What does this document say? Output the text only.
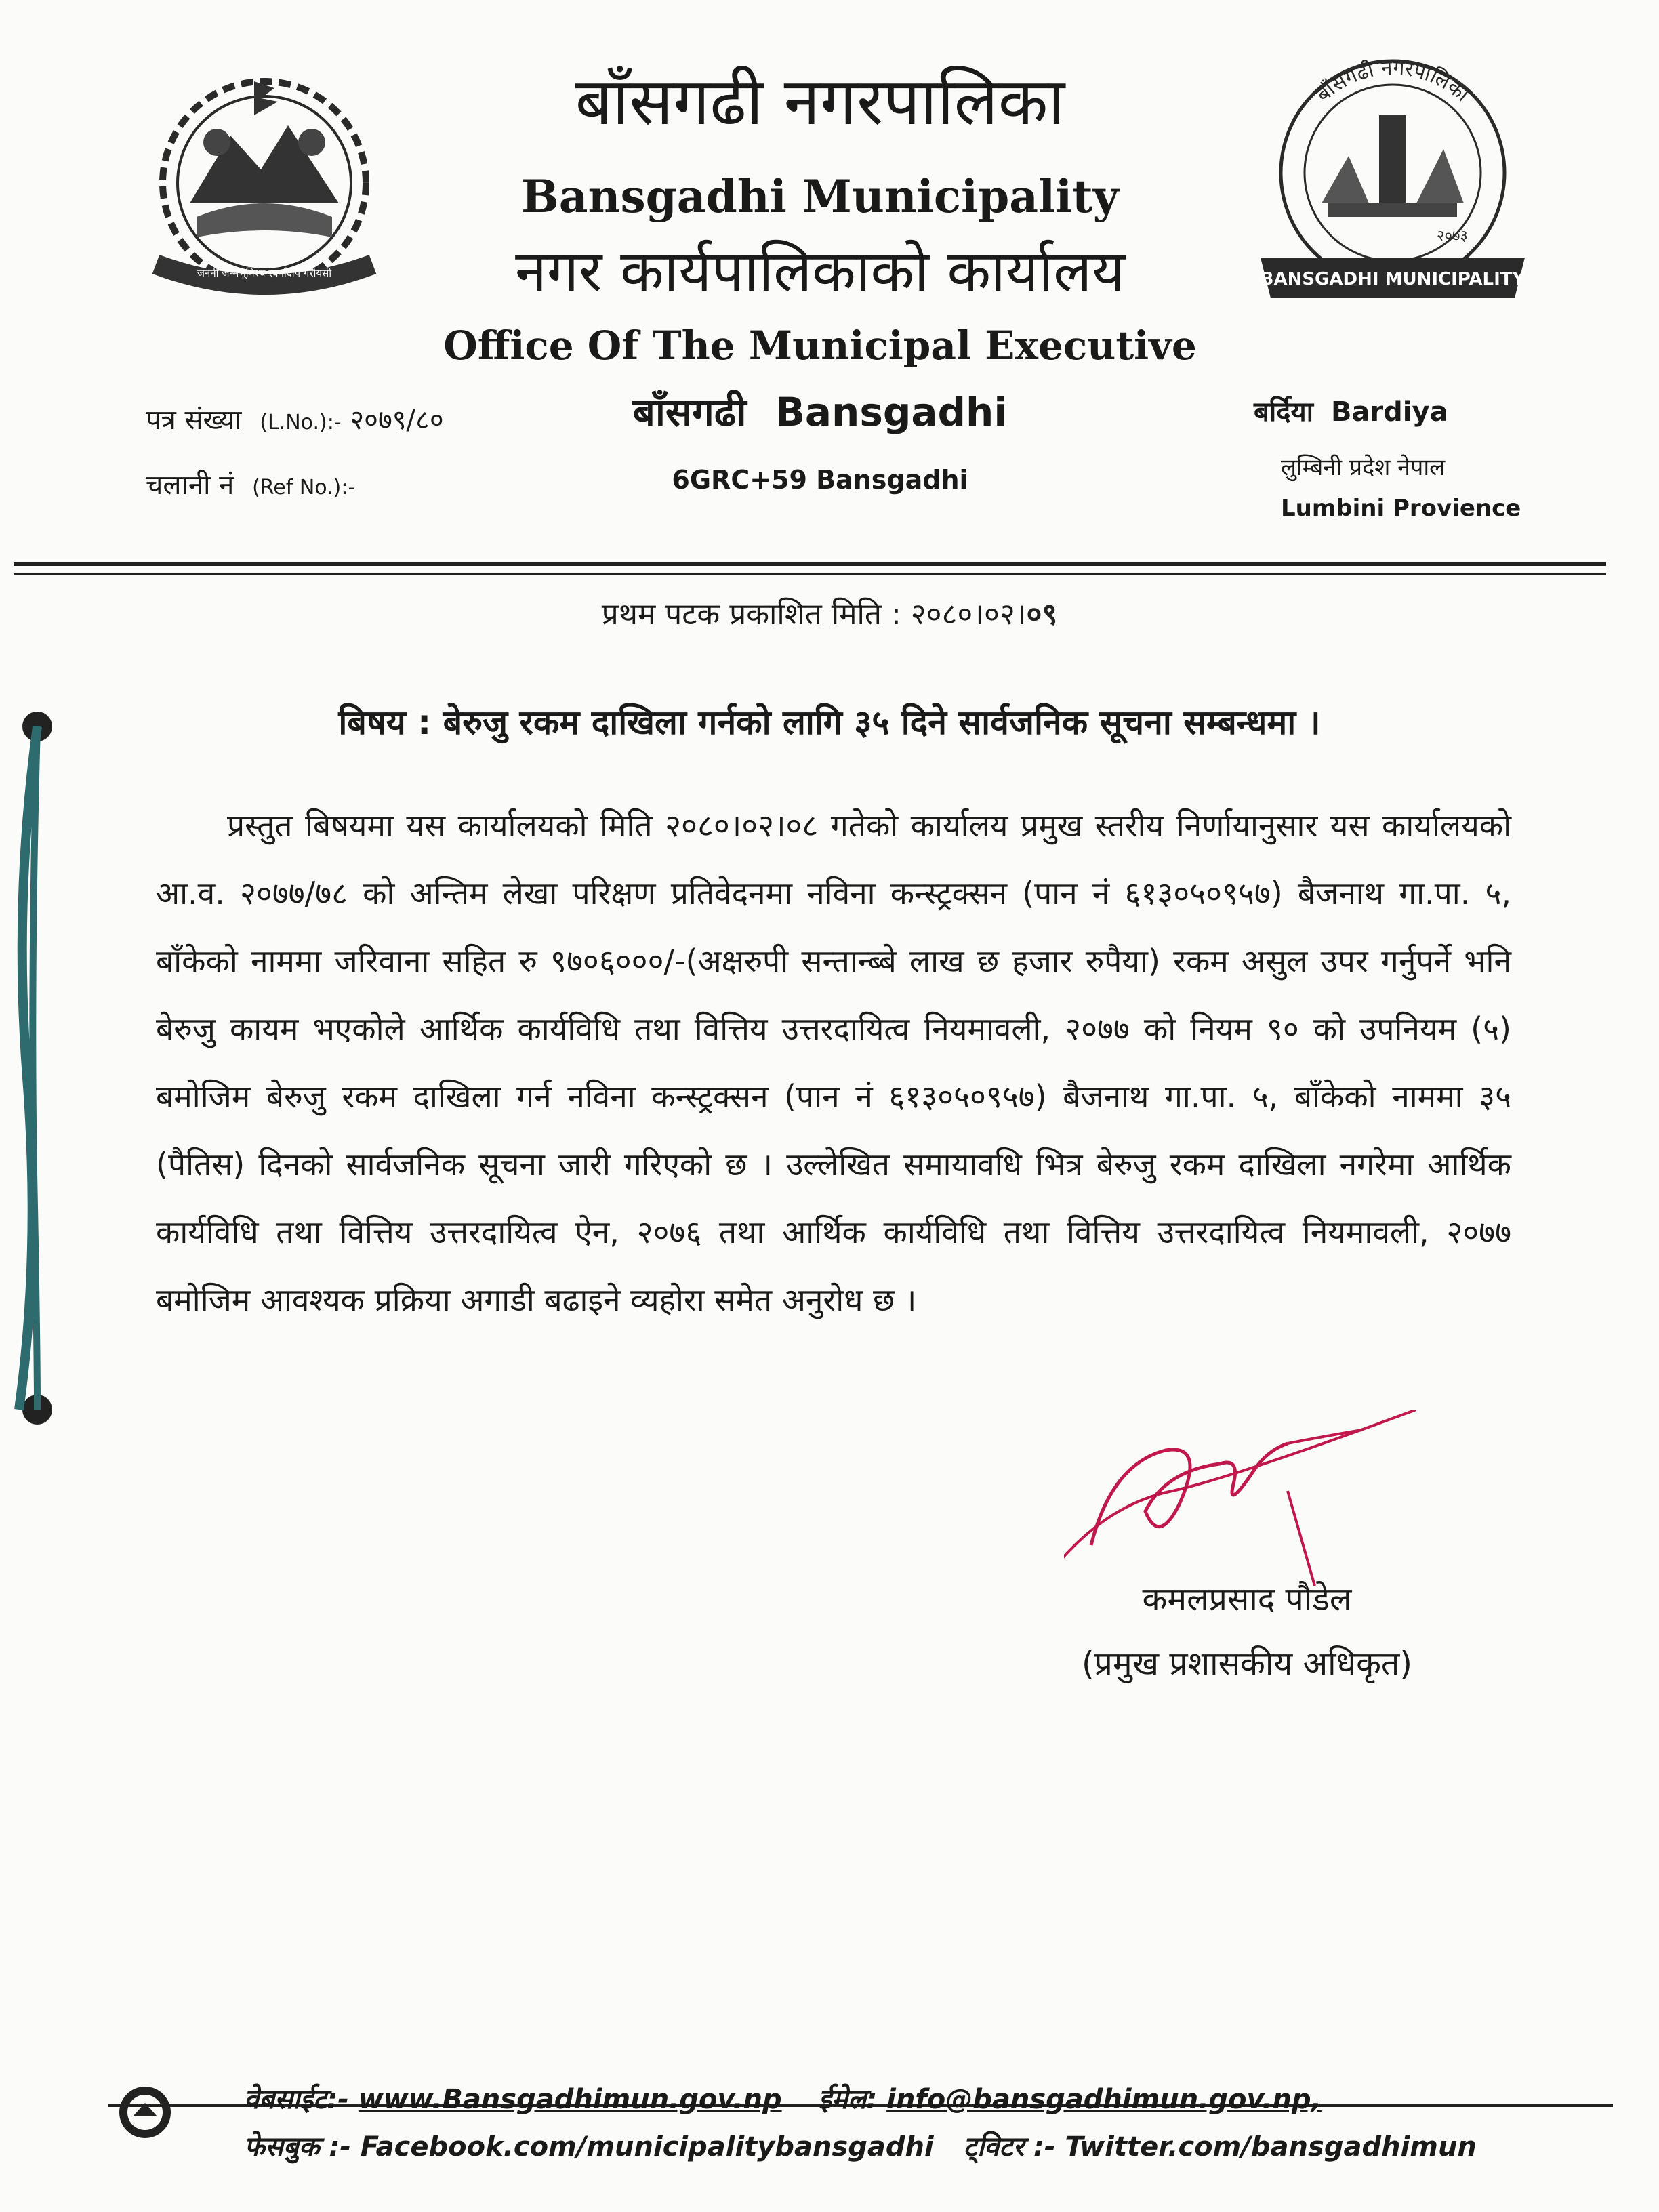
जननी जन्मभूमिश्च स्वर्गादपि गरीयसी
बाँसगढी नगरपालिका
२०७३
BANSGADHI MUNICIPALITY
बाँसगढी नगरपालिका
Bansgadhi Municipality
नगर कार्यपालिकाको कार्यालय
Office Of The Municipal Executive
बाँसगढी Bansgadhi
6GRC+59 Bansgadhi
पत्र संख्या (L.No.):- २०७९/८०
चलानी नं (Ref No.):-
बर्दिया Bardiya
लुम्बिनी प्रदेश नेपाल
Lumbini Provience
प्रथम पटक प्रकाशित मिति : २०८०।०२।०९
बिषय : बेरुजु रकम दाखिला गर्नको लागि ३५ दिने सार्वजनिक सूचना सम्बन्धमा ।
प्रस्तुत बिषयमा यस कार्यालयको मिति २०८०।०२।०८ गतेको कार्यालय प्रमुख स्तरीय निर्णायानुसार यस कार्यालयको आ.व. २०७७/७८ को अन्तिम लेखा परिक्षण प्रतिवेदनमा नविना कन्स्ट्रक्सन (पान नं ६१३०५०९५७) बैजनाथ गा.पा. ५, बाँकेको नाममा जरिवाना सहित रु ९७०६०००/-(अक्षरुपी सन्तान्ब्बे लाख छ हजार रुपैया) रकम असुल उपर गर्नुपर्ने भनि बेरुजु कायम भएकोले आर्थिक कार्यविधि तथा वित्तिय उत्तरदायित्व नियमावली, २०७७ को नियम ९० को उपनियम (५) बमोजिम बेरुजु रकम दाखिला गर्न नविना कन्स्ट्रक्सन (पान नं ६१३०५०९५७) बैजनाथ गा.पा. ५, बाँकेको नाममा ३५ (पैतिस) दिनको सार्वजनिक सूचना जारी गरिएको छ । उल्लेखित समायावधि भित्र बेरुजु रकम दाखिला नगरेमा आर्थिक कार्यविधि तथा वित्तिय उत्तरदायित्व ऐन, २०७६ तथा आर्थिक कार्यविधि तथा वित्तिय उत्तरदायित्व नियमावली, २०७७ बमोजिम आवश्यक प्रक्रिया अगाडी बढाइने व्यहोरा समेत अनुरोध छ ।
कमलप्रसाद पौडेल
(प्रमुख प्रशासकीय अधिकृत)
वेबसाईट:- www.Bansgadhimun.gov.np ईमेल: info@bansgadhimun.gov.np,
फेसबुक :- Facebook.com/municipalitybansgadhi ट्विटर :- Twitter.com/bansgadhimun
